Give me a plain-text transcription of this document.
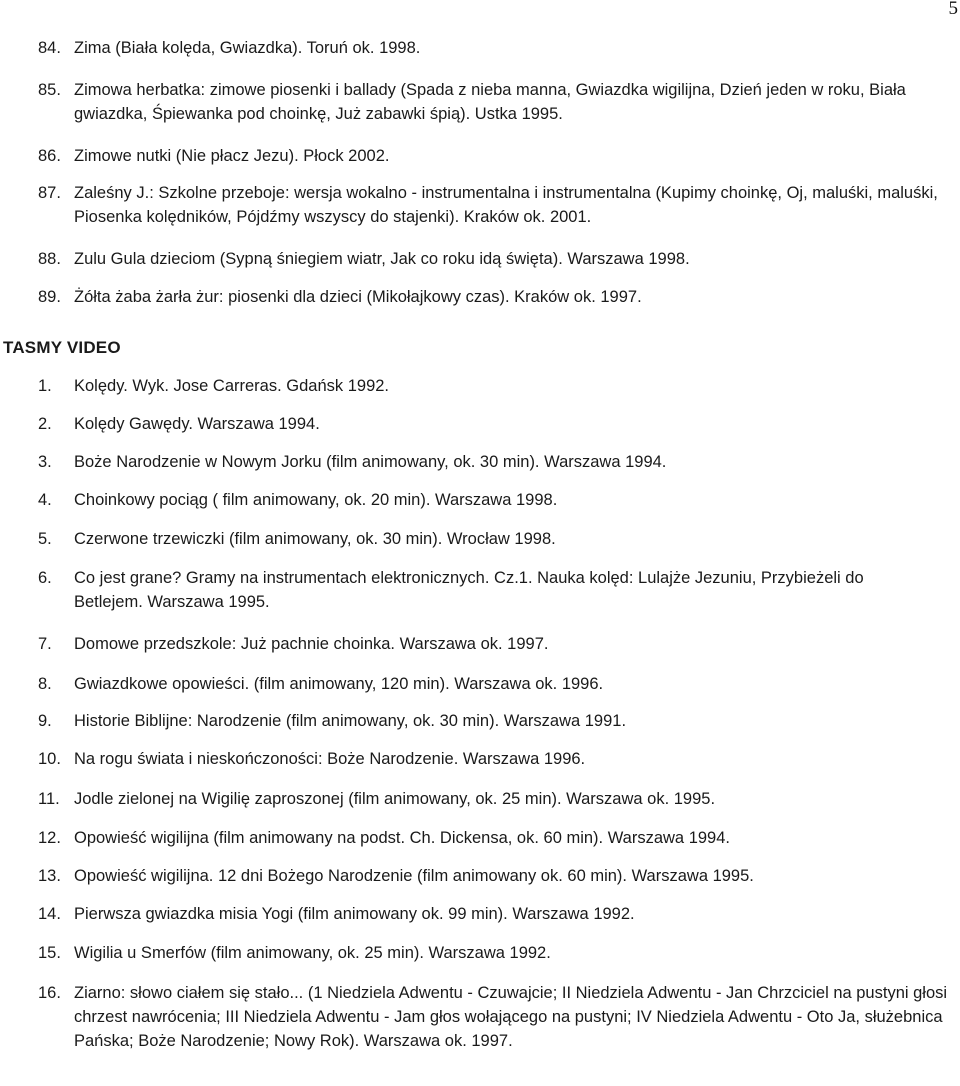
5
84. Zima (Biała kolęda, Gwiazdka). Toruń ok. 1998.
85. Zimowa herbatka: zimowe piosenki i ballady (Spada z nieba manna, Gwiazdka wigilijna, Dzień jeden w roku, Biała gwiazdka, Śpiewanka pod choinkę, Już zabawki śpią). Ustka 1995.
86. Zimowe nutki (Nie płacz Jezu). Płock 2002.
87. Zaleśny J.: Szkolne przeboje: wersja wokalno - instrumentalna i instrumentalna (Kupimy choinkę, Oj, maluśki, maluśki, Piosenka kolędników, Pójdźmy wszyscy do stajenki). Kraków ok. 2001.
88. Zulu Gula dzieciom (Sypną śniegiem wiatr, Jak co roku idą święta). Warszawa 1998.
89. Żółta żaba żarła żur: piosenki dla dzieci (Mikołajkowy czas). Kraków ok. 1997.
TASMY VIDEO
1. Kolędy. Wyk. Jose Carreras. Gdańsk 1992.
2. Kolędy Gawędy. Warszawa 1994.
3. Boże Narodzenie w Nowym Jorku (film animowany, ok. 30 min). Warszawa 1994.
4. Choinkowy pociąg ( film animowany, ok. 20 min). Warszawa 1998.
5. Czerwone trzewiczki (film animowany, ok. 30 min). Wrocław 1998.
6. Co jest grane? Gramy na instrumentach elektronicznych. Cz.1. Nauka kolęd: Lulajże Jezuniu, Przybieżeli do Betlejem. Warszawa 1995.
7. Domowe przedszkole: Już pachnie choinka. Warszawa ok. 1997.
8. Gwiazdkowe opowieści. (film animowany, 120 min). Warszawa ok. 1996.
9. Historie Biblijne: Narodzenie (film animowany, ok. 30 min). Warszawa 1991.
10. Na rogu świata i nieskończoności: Boże Narodzenie. Warszawa 1996.
11. Jodle zielonej na Wigilię zaproszonej (film animowany, ok. 25 min). Warszawa ok. 1995.
12. Opowieść wigilijna (film animowany na podst. Ch. Dickensa, ok. 60 min). Warszawa 1994.
13. Opowieść wigilijna. 12 dni Bożego Narodzenie (film animowany ok. 60 min). Warszawa 1995.
14. Pierwsza gwiazdka misia Yogi (film animowany ok. 99 min). Warszawa 1992.
15. Wigilia u Smerfów (film animowany, ok. 25 min). Warszawa 1992.
16. Ziarno: słowo ciałem się stało... (1 Niedziela Adwentu - Czuwajcie; II Niedziela Adwentu - Jan Chrzciciel na pustyni głosi chrzest nawrócenia; III Niedziela Adwentu - Jam głos wołającego na pustyni; IV Niedziela Adwentu - Oto Ja, służebnica Pańska; Boże Narodzenie; Nowy Rok). Warszawa ok. 1997.
